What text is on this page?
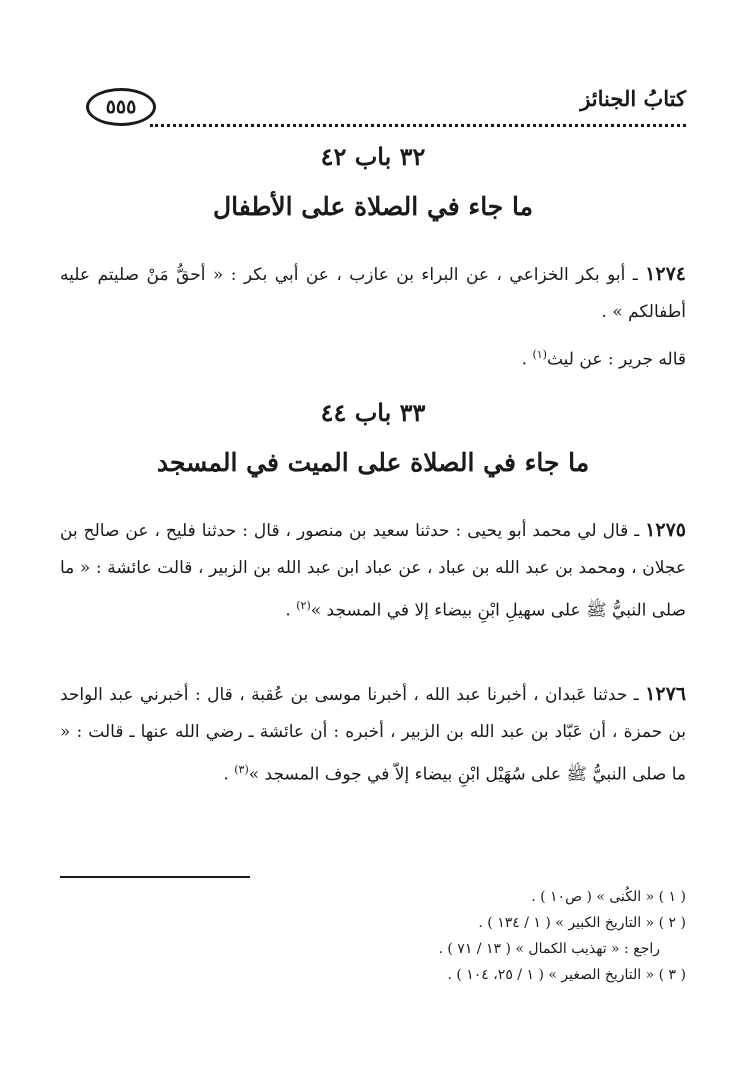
كتابُ الجنائز
٥٥٥
٣٢ باب ٤٢
ما جاء في الصلاة على الأطفال
١٢٧٤ ـ أبو بكر الخزاعي ، عن البراء بن عازب ، عن أبي بكر : « أحقُّ مَنْ صليتم عليه أطفالكم » .
قاله جرير : عن ليث$^{(١)}$ .
٣٣ باب ٤٤
ما جاء في الصلاة على الميت في المسجد
١٢٧٥ ـ قال لي محمد أبو يحيى : حدثنا سعيد بن منصور ، قال : حدثنا فليح ، عن صالح بن عجلان ، ومحمد بن عبد الله بن عباد ، عن عباد ابن عبد الله بن الزبير ، قالت عائشة : « ما صلى النبيُّ ﷺ على سهيلِ ابْنِ بيضاء إلا في المسجد »$^{(٢)}$ .
١٢٧٦ ـ حدثنا عَبدان ، أخبرنا عبد الله ، أخبرنا موسى بن عُقبة ، قال : أخبرني عبد الواحد بن حمزة ، أن عَبّاد بن عبد الله بن الزبير ، أخبره : أن عائشة ـ رضي الله عنها ـ قالت : « ما صلى النبيُّ ﷺ على سُهَيْل ابْنِ بيضاء إلاّ في جوف المسجد »$^{(٣)}$ .
( ١ ) « الكُنى » ( ص١٠ ) .
( ٢ ) « التاريخ الكبير » ( ١ / ١٣٤ ) .
راجع : « تهذيب الكمال » ( ١٣ / ٧١ ) .
( ٣ ) « التاريخ الصغير » ( ١ / ٢٥، ١٠٤ ) .
